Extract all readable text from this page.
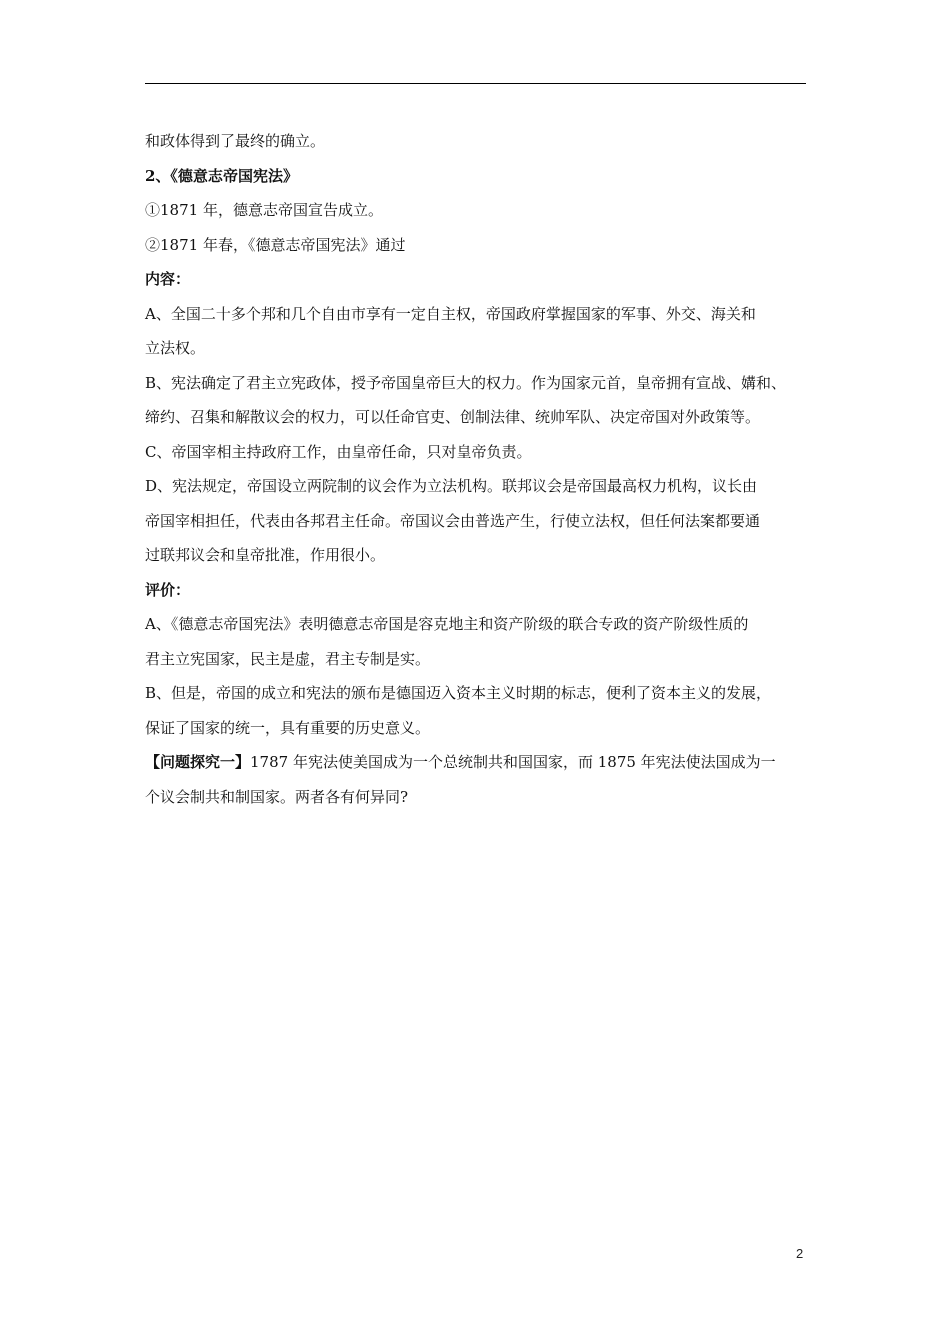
和政体得到了最终的确立。

2、《德意志帝国宪法》

①1871 年，德意志帝国宣告成立。

②1871 年春，《德意志帝国宪法》通过

内容：

A、全国二十多个邦和几个自由市享有一定自主权，帝国政府掌握国家的军事、外交、海关和

立法权。

B、宪法确定了君主立宪政体，授予帝国皇帝巨大的权力。作为国家元首，皇帝拥有宣战、媾和、

缔约、召集和解散议会的权力，可以任命官吏、创制法律、统帅军队、决定帝国对外政策等。

C、帝国宰相主持政府工作，由皇帝任命，只对皇帝负责。

D、宪法规定，帝国设立两院制的议会作为立法机构。联邦议会是帝国最高权力机构，议长由

帝国宰相担任，代表由各邦君主任命。帝国议会由普选产生，行使立法权，但任何法案都要通

过联邦议会和皇帝批准，作用很小。

评价：

A、《德意志帝国宪法》表明德意志帝国是容克地主和资产阶级的联合专政的资产阶级性质的

君主立宪国家，民主是虚，君主专制是实。

B、但是，帝国的成立和宪法的颁布是德国迈入资本主义时期的标志，便利了资本主义的发展，

保证了国家的统一，具有重要的历史意义。

【问题探究一】1787 年宪法使美国成为一个总统制共和国国家，而 1875 年宪法使法国成为一

个议会制共和制国家。两者各有何异同?

2
